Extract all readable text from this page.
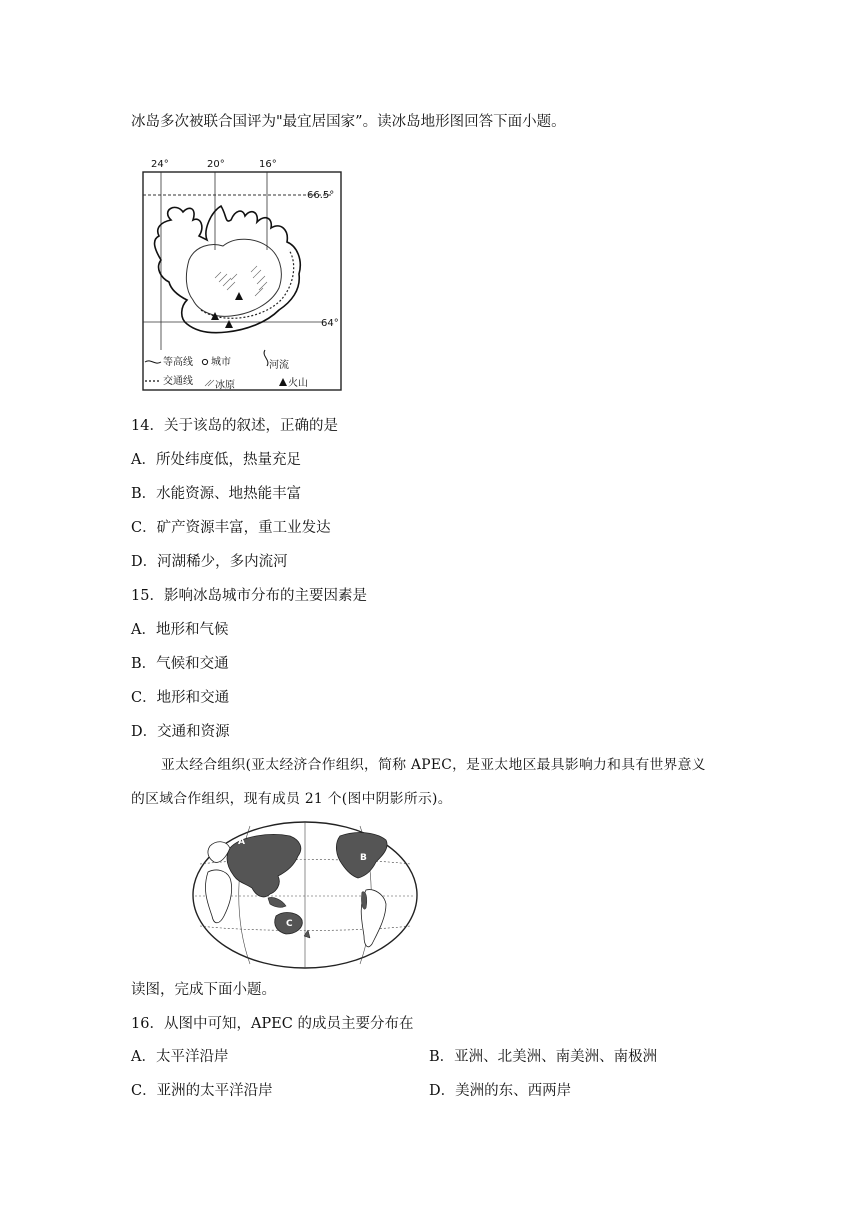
冰岛多次被联合国评为"最宜居国家”。读冰岛地形图回答下面小题。
24°	20°	16°
66.5°
64°
等高线 城市	河流
交通线 冰原	火山
14．关于该岛的叙述，正确的是
A．所处纬度低，热量充足
B．水能资源、地热能丰富
C．矿产资源丰富，重工业发达
D．河湖稀少，多内流河
15．影响冰岛城市分布的主要因素是
A．地形和气候
B．气候和交通
C．地形和交通
D．交通和资源
亚太经合组织(亚太经济合作组织，简称 APEC，是亚太地区最具影响力和具有世界意义
的区域合作组织，现有成员 21 个(图中阴影所示)。
A
B
C
读图，完成下面小题。
16．从图中可知，APEC 的成员主要分布在
A．太平洋沿岸	B．亚洲、北美洲、南美洲、南极洲
C．亚洲的太平洋沿岸	D．美洲的东、西两岸
